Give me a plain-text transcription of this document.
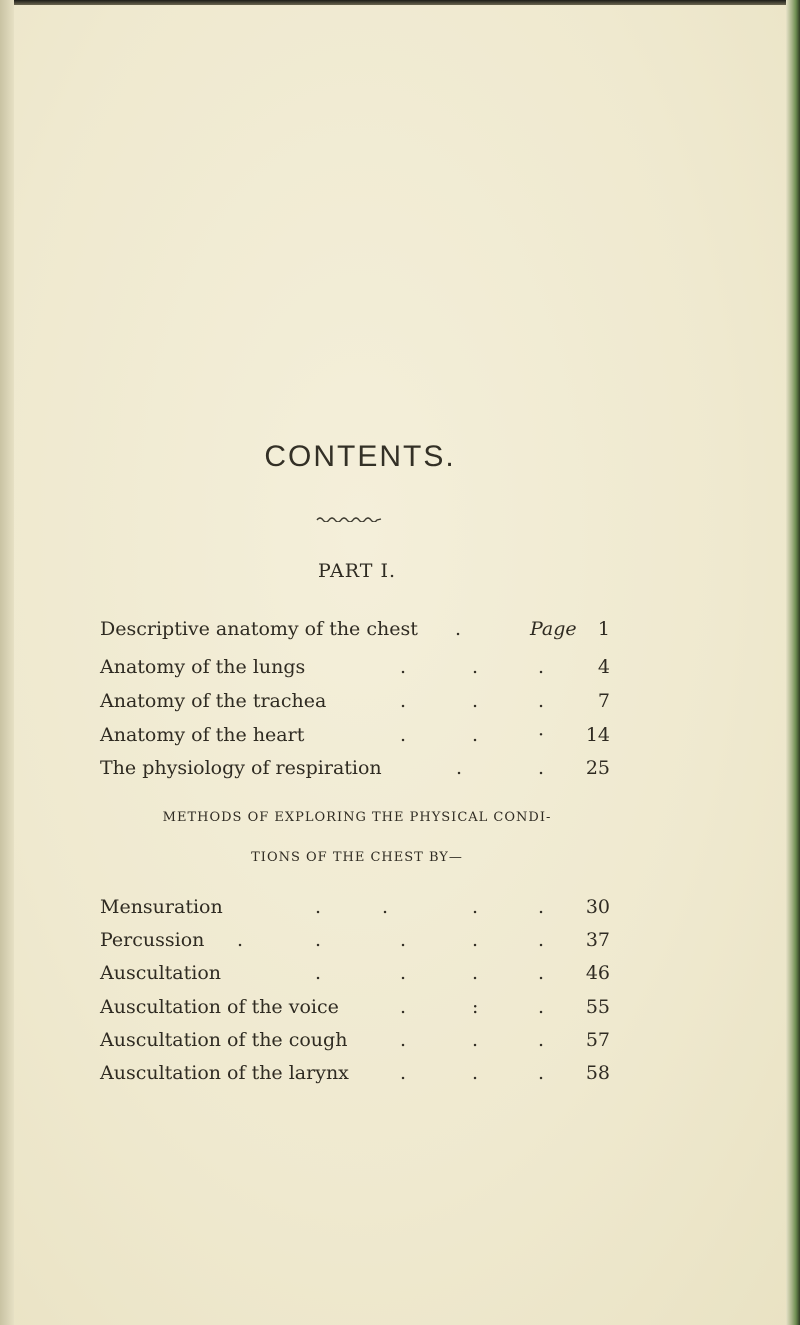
CONTENTS.
PART I.
Descriptive anatomy of the chest .	Page 1
Anatomy of the lungs	.	.	.	4
Anatomy of the trachea	.	.	.	7
Anatomy of the heart	.	.	· 14
The physiology of respiration	.	. 25
METHODS OF EXPLORING THE PHYSICAL CONDI-
TIONS OF THE CHEST BY—
Mensuration	.	.	.	. 30
Percussion .	.	.	.	. 37
Auscultation	.	.	.	. 46
Auscultation of the voice	.	:	. 55
Auscultation of the cough	.	.	. 57
Auscultation of the larynx	.	.	. 58
